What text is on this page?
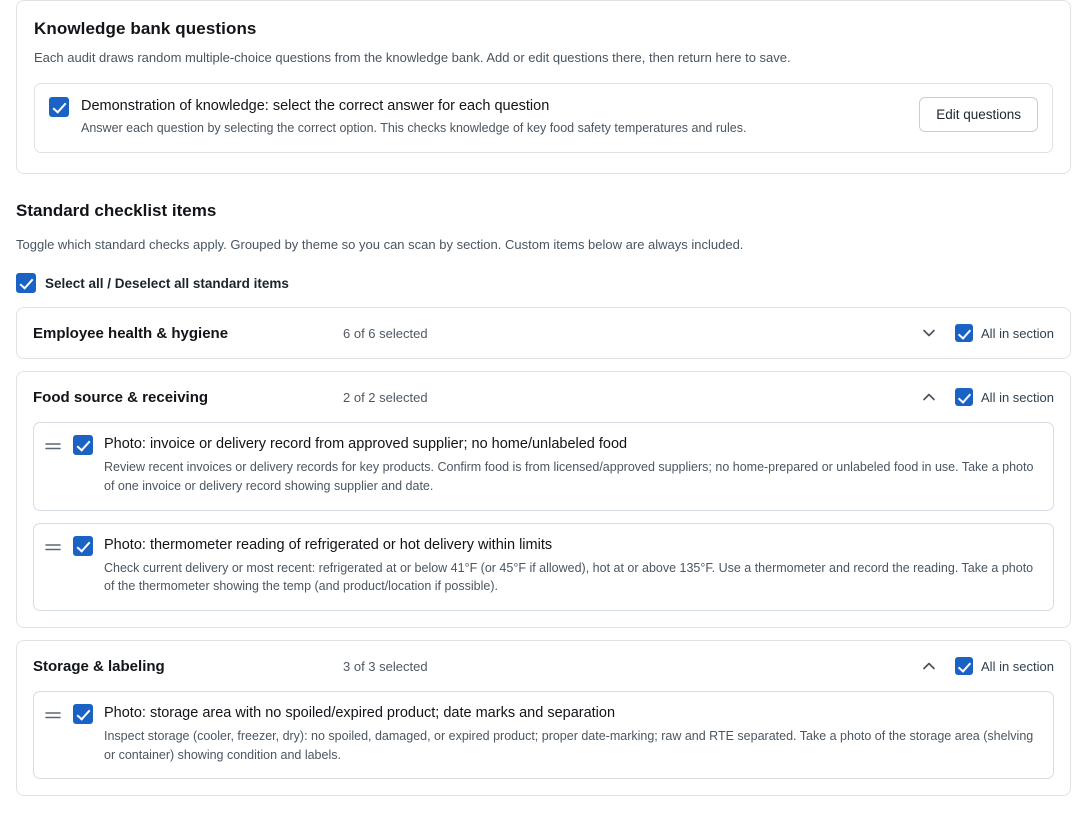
Knowledge bank questions

Each audit draws random multiple-choice questions from the knowledge bank. Add or edit questions there, then return here to save.

Demonstration of knowledge: select the correct answer for each question
Answer each question by selecting the correct option. This checks knowledge of key food safety temperatures and rules.
Edit questions
Standard checklist items

Toggle which standard checks apply. Grouped by theme so you can scan by section. Custom items below are always included.

Select all / Deselect all standard items
Employee health & hygiene	6 of 6 selected	All in section
Food source & receiving	2 of 2 selected	All in section
Photo: invoice or delivery record from approved supplier; no home/unlabeled food
Review recent invoices or delivery records for key products. Confirm food is from licensed/approved suppliers; no home-prepared or unlabeled food in use. Take a photo of one invoice or delivery record showing supplier and date.
Photo: thermometer reading of refrigerated or hot delivery within limits
Check current delivery or most recent: refrigerated at or below 41°F (or 45°F if allowed), hot at or above 135°F. Use a thermometer and record the reading. Take a photo of the thermometer showing the temp (and product/location if possible).
Storage & labeling	3 of 3 selected	All in section
Photo: storage area with no spoiled/expired product; date marks and separation
Inspect storage (cooler, freezer, dry): no spoiled, damaged, or expired product; proper date-marking; raw and RTE separated. Take a photo of the storage area (shelving or container) showing condition and labels.
